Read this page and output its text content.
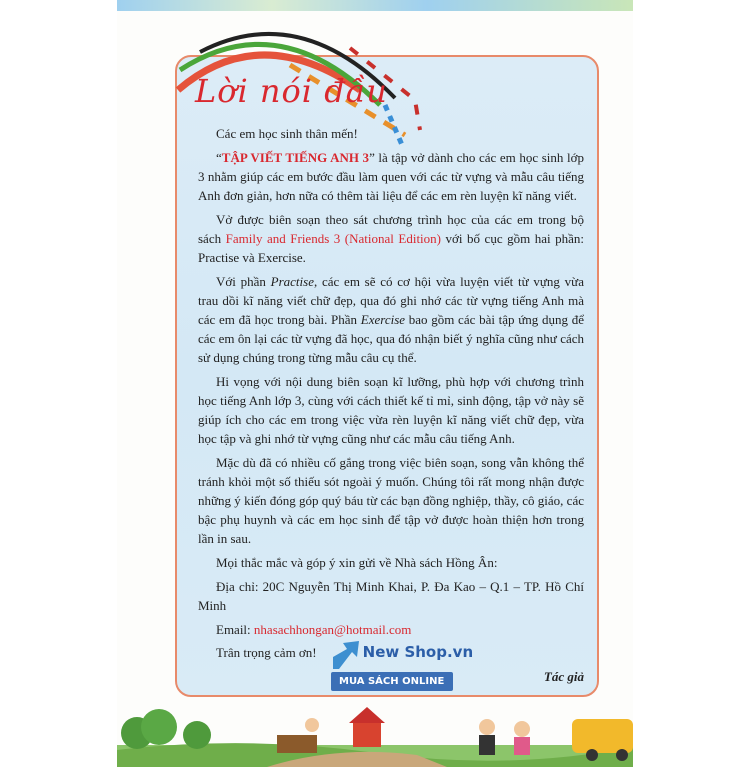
Lời nói đầu

Các em học sinh thân mến!

“TẬP VIẾT TIẾNG ANH 3” là tập vở dành cho các em học sinh lớp 3 nhằm giúp các em bước đầu làm quen với các từ vựng và mẫu câu tiếng Anh đơn giản, hơn nữa có thêm tài liệu để các em rèn luyện kĩ năng viết.

Vở được biên soạn theo sát chương trình học của các em trong bộ sách Family and Friends 3 (National Edition) với bố cục gồm hai phần: Practise và Exercise.

Với phần Practise, các em sẽ có cơ hội vừa luyện viết từ vựng vừa trau dồi kĩ năng viết chữ đẹp, qua đó ghi nhớ các từ vựng tiếng Anh mà các em đã học trong bài. Phần Exercise bao gồm các bài tập ứng dụng để các em ôn lại các từ vựng đã học, qua đó nhận biết ý nghĩa cũng như cách sử dụng chúng trong từng mẫu câu cụ thể.

Hi vọng với nội dung biên soạn kĩ lưỡng, phù hợp với chương trình học tiếng Anh lớp 3, cùng với cách thiết kế tỉ mỉ, sinh động, tập vở này sẽ giúp ích cho các em trong việc vừa rèn luyện kĩ năng viết chữ đẹp, vừa học tập và ghi nhớ từ vựng cũng như các mẫu câu tiếng Anh.

Mặc dù đã có nhiều cố gắng trong việc biên soạn, song vẫn không thể tránh khỏi một số thiếu sót ngoài ý muốn. Chúng tôi rất mong nhận được những ý kiến đóng góp quý báu từ các bạn đồng nghiệp, thầy, cô giáo, các bậc phụ huynh và các em học sinh để tập vở được hoàn thiện hơn trong lần in sau.

Mọi thắc mắc và góp ý xin gửi về Nhà sách Hồng Ân:

Địa chỉ: 20C Nguyễn Thị Minh Khai, P. Đa Kao – Q.1 – TP. Hồ Chí Minh

Email: nhasachhongan@hotmail.com

Trân trọng cảm ơn!	New Shop.vn
MUA SÁCH ONLINE	Tác giả
